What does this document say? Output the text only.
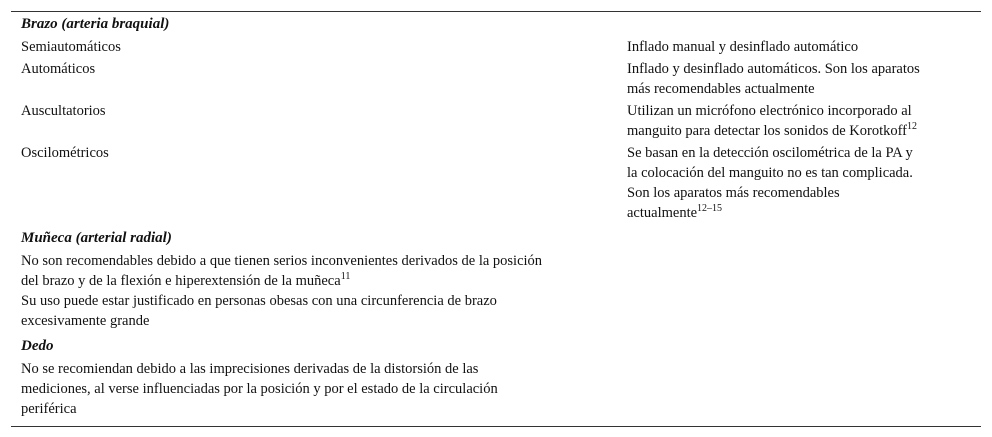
Brazo (arteria braquial)
Semiautomáticos	Inflado manual y desinflado automático
Automáticos	Inflado y desinflado automáticos. Son los aparatos
más recomendables actualmente
Auscultatorios	Utilizan un micrófono electrónico incorporado al
manguito para detectar los sonidos de Korotkoff$^{12}$
Oscilométricos	Se basan en la detección oscilométrica de la PA y
la colocación del manguito no es tan complicada.
Son los aparatos más recomendables
actualmente$^{12-15}$
Muñeca (arterial radial)
No son recomendables debido a que tienen serios inconvenientes derivados de la posición
del brazo y de la flexión e hiperextensión de la muñeca$^{11}$
Su uso puede estar justificado en personas obesas con una circunferencia de brazo
excesivamente grande
Dedo
No se recomiendan debido a las imprecisiones derivadas de la distorsión de las
mediciones, al verse influenciadas por la posición y por el estado de la circulación
periférica
